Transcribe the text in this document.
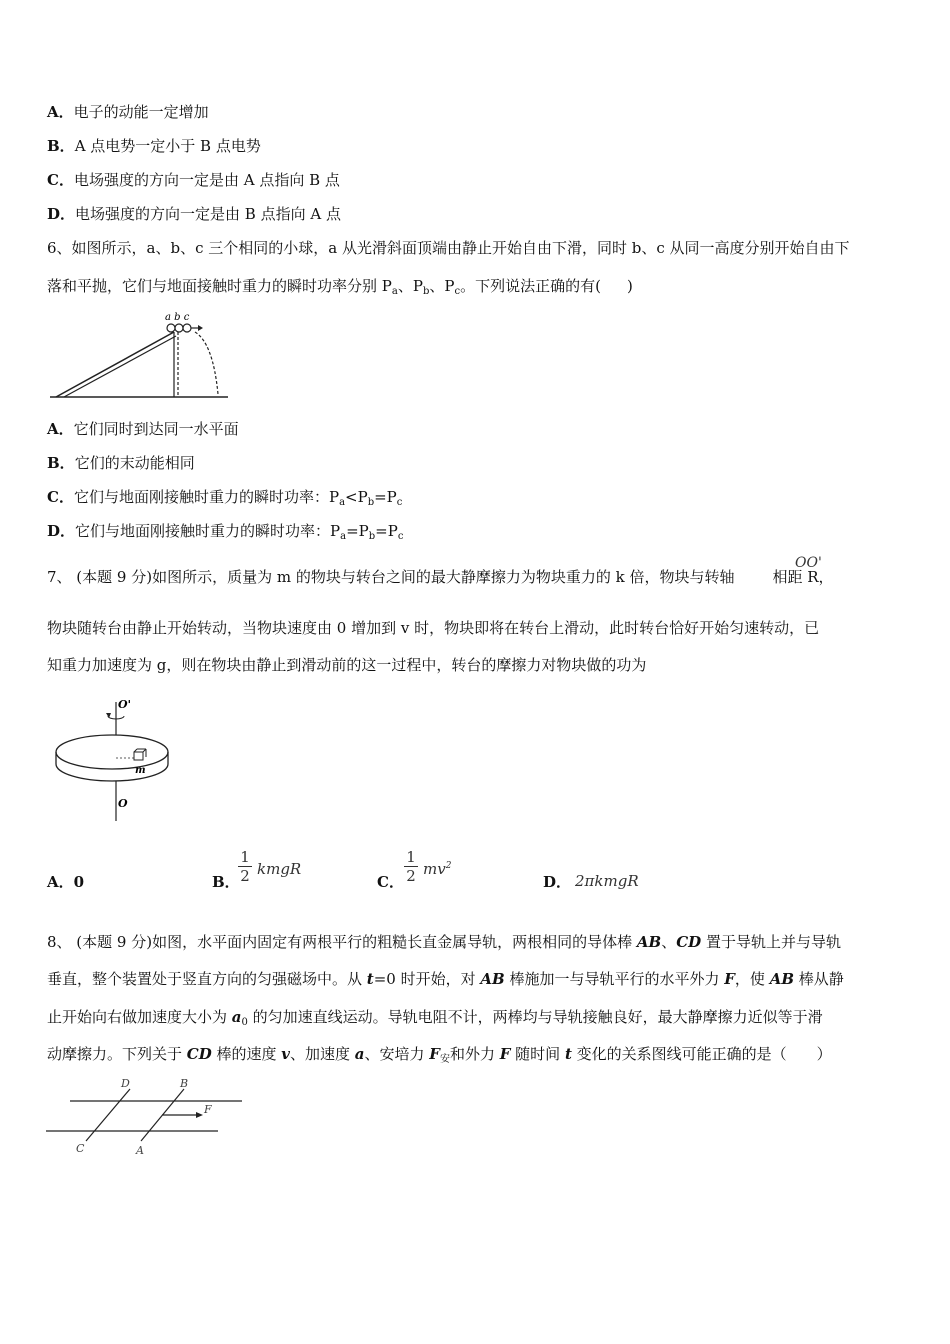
A．电子的动能一定增加
B．A 点电势一定小于 B 点电势
C．电场强度的方向一定是由 A 点指向 B 点
D．电场强度的方向一定是由 B 点指向 A 点
6、如图所示，a、b、c 三个相同的小球，a 从光滑斜面顶端由静止开始自由下滑，同时 b、c 从同一高度分别开始自由下
落和平抛，它们与地面接触时重力的瞬时功率分别 $P_a$、$P_b$、$P_c$。下列说法正确的有( )
a b c
A．它们同时到达同一水平面
B．它们的末动能相同
C．它们与地面刚接触时重力的瞬时功率：$P_a<P_b=P_c$
D．它们与地面刚接触时重力的瞬时功率：$P_a=P_b=P_c$
7、 (本题 9 分)如图所示，质量为 m 的物块与转台之间的最大静摩擦力为物块重力的 k 倍，物块与转轴	相距 R，
OO'
物块随转台由静止开始转动，当物块速度由 0 增加到 v 时，物块即将在转台上滑动，此时转台恰好开始匀速转动，已
知重力加速度为 g，则在物块由静止到滑动前的这一过程中，转台的摩擦力对物块做的功为
O'
m
O
A．0	B．
$\frac{1}{2}$ kmgR
C． $\frac{1}{2} mv^2$
D． 2πkmgR
8、 (本题 9 分)如图，水平面内固定有两根平行的粗糙长直金属导轨，两根相同的导体棒 AB、CD 置于导轨上并与导轨
垂直，整个装置处于竖直方向的匀强磁场中。从 t=0 时开始，对 AB 棒施加一与导轨平行的水平外力 F，使 AB 棒从静
止开始向右做加速度大小为 $a_0$ 的匀加速直线运动。导轨电阻不计，两棒均与导轨接触良好，最大静摩擦力近似等于滑
动摩擦力。下列关于 CD 棒的速度 v、加速度 a、安培力 $F_安$和外力 F 随时间 t 变化的关系图线可能正确的是（　　）
D	B
F
C	A
